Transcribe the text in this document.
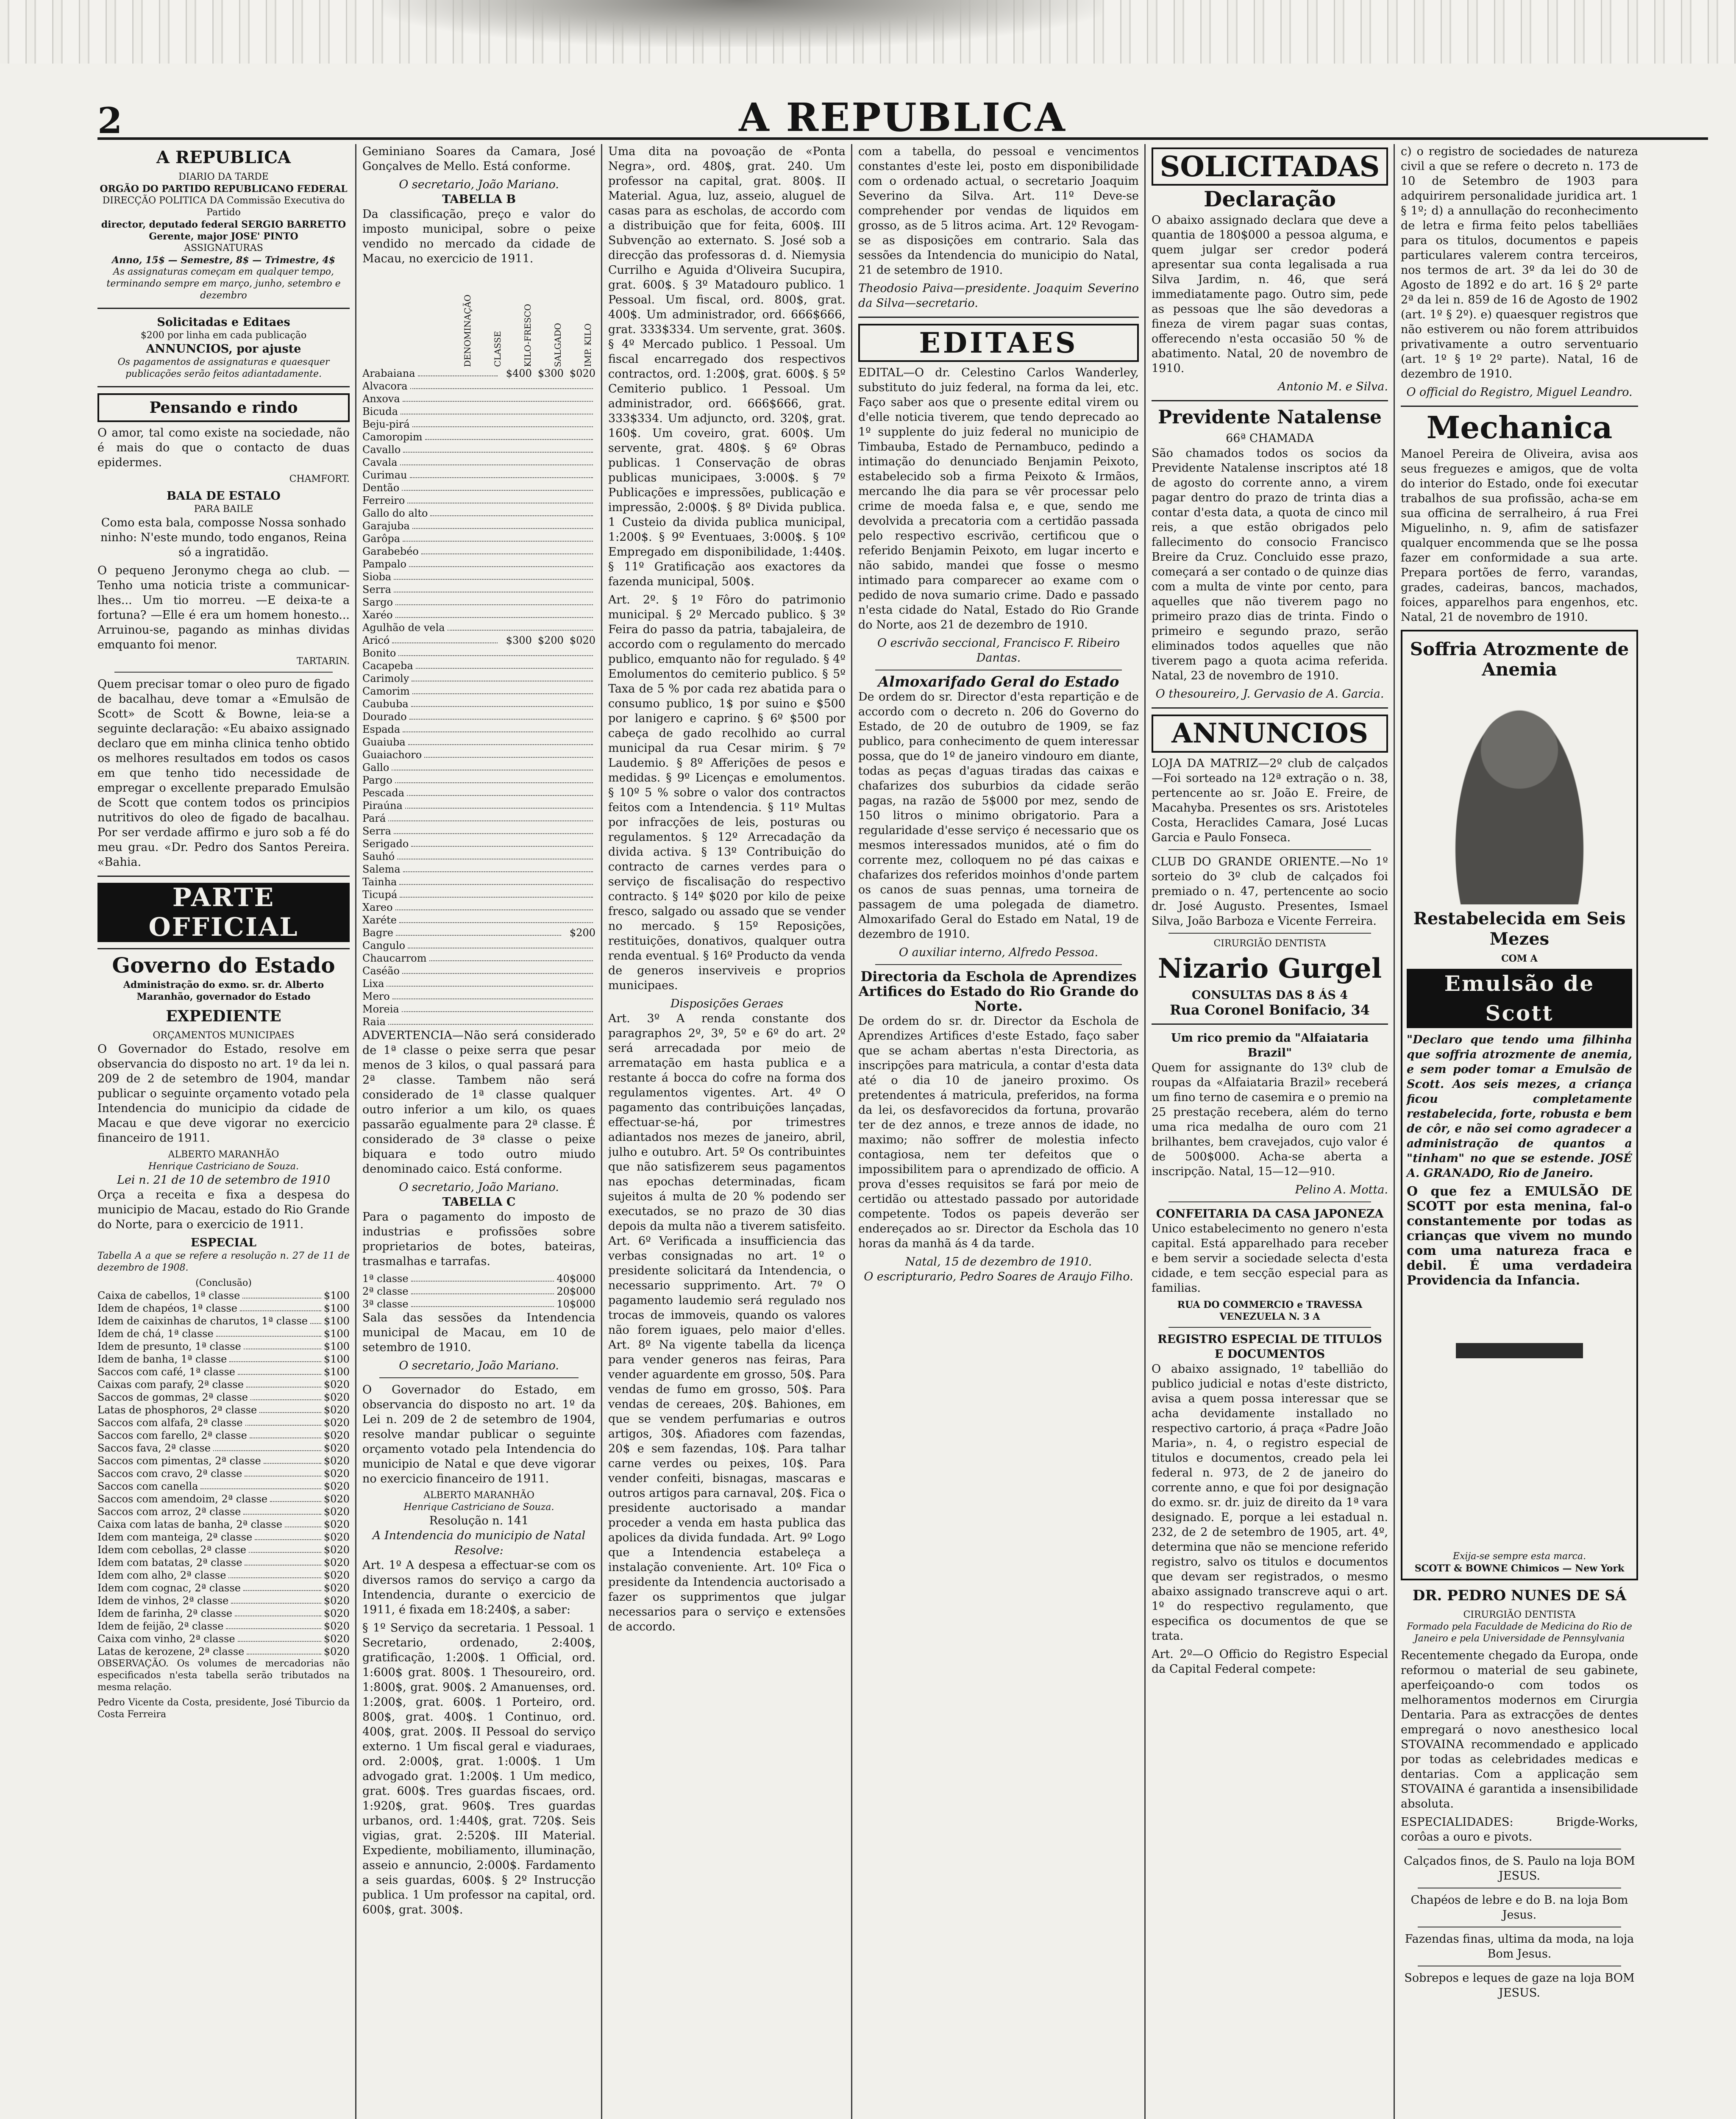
2	A REPUBLICA
A REPUBLICA
DIARIO DA TARDE
ORGÃO DO PARTIDO REPUBLICANO FEDERAL
DIRECÇÃO POLITICA DA Commissão Executiva do Partido
director, deputado federal SERGIO BARRETTO
Gerente, major JOSE' PINTO
ASSIGNATURAS
Anno, 15$ — Semestre, 8$ — Trimestre, 4$
As assignaturas começam em qualquer tempo, terminando sempre em março, junho, setembro e dezembro
Solicitadas e Editaes
$200 por linha em cada publicação
ANNUNCIOS, por ajuste
Os pagamentos de assignaturas e quaesquer publicações serão feitos adiantadamente.
Pensando e rindo

O amor, tal como existe na sociedade, não é mais do que o contacto de duas epidermes.

CHAMFORT.

BALA DE ESTALO
PARA BAILE

Como esta bala, composse Nossa sonhado ninho: N'este mundo, todo enganos, Reina só a ingratidão.

O pequeno Jeronymo chega ao club. —Tenho uma noticia triste a communicar-lhes... Um tio morreu. —E deixa-te a fortuna? —Elle é era um homem honesto... Arruinou-se, pagando as minhas dividas emquanto foi menor.

TARTARIN.

Quem precisar tomar o oleo puro de figado de bacalhau, deve tomar a «Emulsão de Scott» de Scott & Bowne, leia-se a seguinte declaração: «Eu abaixo assignado declaro que em minha clinica tenho obtido os melhores resultados em todos os casos em que tenho tido necessidade de empregar o excellente preparado Emulsão de Scott que contem todos os principios nutritivos do oleo de figado de bacalhau. Por ser verdade affirmo e juro sob a fé do meu grau. «Dr. Pedro dos Santos Pereira. «Bahia.

PARTE OFFICIAL
Governo do Estado
Administração do exmo. sr. dr. Alberto Maranhão, governador do Estado
EXPEDIENTE
ORÇAMENTOS MUNICIPAES

O Governador do Estado, resolve em observancia do disposto no art. 1º da lei n. 209 de 2 de setembro de 1904, mandar publicar o seguinte orçamento votado pela Intendencia do municipio da cidade de Macau e que deve vigorar no exercicio financeiro de 1911.

ALBERTO MARANHÃO
Henrique Castriciano de Souza.
Lei n. 21 de 10 de setembro de 1910

Orça a receita e fixa a despesa do municipio de Macau, estado do Rio Grande do Norte, para o exercicio de 1911.

ESPECIAL

Tabella A a que se refere a resolução n. 27 de 11 de dezembro de 1908.

(Conclusão)
Caixa de cabellos, 1ª classe	$100
Idem de chapéos, 1ª classe	$100
Idem de caixinhas de charutos, 1ª classe $100
Idem de chá, 1ª classe	$100
Idem de presunto, 1ª classe	$100
Idem de banha, 1ª classe	$100
Saccos com café, 1ª classe	$100
Caixas com parafy, 2ª classe	$020
Saccos de gommas, 2ª classe	$020
Latas de phosphoros, 2ª classe	$020
Saccos com alfafa, 2ª classe	$020
Saccos com farello, 2ª classe	$020
Saccos fava, 2ª classe	$020
Saccos com pimentas, 2ª classe	$020
Saccos com cravo, 2ª classe	$020
Saccos com canella	$020
Saccos com amendoim, 2ª classe	$020
Saccos com arroz, 2ª classe	$020
Caixa com latas de banha, 2ª classe	$020
Idem com manteiga, 2ª classe	$020
Idem com cebollas, 2ª classe	$020
Idem com batatas, 2ª classe	$020
Idem com alho, 2ª classe	$020
Idem com cognac, 2ª classe	$020
Idem de vinhos, 2ª classe	$020
Idem de farinha, 2ª classe	$020
Idem de feijão, 2ª classe	$020
Caixa com vinho, 2ª classe	$020
Latas de kerozene, 2ª classe	$020

OBSERVAÇÃO. Os volumes de mercadorias não especificados n'esta tabella serão tributados na mesma relação.

Pedro Vicente da Costa, presidente, José Tiburcio da Costa Ferreira

Geminiano Soares da Camara, José Gonçalves de Mello. Está conforme.

O secretario, João Mariano.
TABELLA B

Da classificação, preço e valor do imposto municipal, sobre o peixe vendido no mercado da cidade de Macau, no exercicio de 1911.

DENOMINAÇÃO	CLASSE	KILO-FRESCO	SALGADO	IMP. KILO
Arabaiana	$400 $300 $020
Alvacora
Anxova
Bicuda
Beju-pirá
Camoropim
Cavallo
Cavala
Curimau
Dentão
Ferreiro
Gallo do alto
Garajuba
Garôpa
Garabebéo
Pampalo
Sioba
Serra
Sargo
Xaréo
Agulhão de vela
Aricó	$300 $200 $020
Bonito
Cacapeba
Carimoly
Camorim
Caububa
Dourado
Espada
Guaiuba
Guaiachoro
Gallo
Pargo
Pescada
Piraúna
Pará
Serra
Serigado
Sauhó
Salema
Tainha
Ticupá
Xareo
Xaréte
Bagre	$200
Cangulo
Chaucarrom
Caséão
Lixa
Mero
Moreia
Raia

ADVERTENCIA—Não será considerado de 1ª classe o peixe serra que pesar menos de 3 kilos, o qual passará para 2ª classe. Tambem não será considerado de 1ª classe qualquer outro inferior a um kilo, os quaes passarão egualmente para 2ª classe. É considerado de 3ª classe o peixe biquara e todo outro miudo denominado caico. Está conforme.

O secretario, João Mariano.
TABELLA C

Para o pagamento do imposto de industrias e profissões sobre proprietarios de botes, bateiras, trasmalhas e tarrafas.

1ª classe	40$000
2ª classe	20$000
3ª classe	10$000

Sala das sessões da Intendencia municipal de Macau, em 10 de setembro de 1910.

O secretario, João Mariano.

O Governador do Estado, em observancia do disposto no art. 1º da Lei n. 209 de 2 de setembro de 1904, resolve mandar publicar o seguinte orçamento votado pela Intendencia do municipio de Natal e que deve vigorar no exercicio financeiro de 1911.

ALBERTO MARANHÃO
Henrique Castriciano de Souza.
Resolução n. 141
A Intendencia do municipio de Natal Resolve:

Art. 1º A despesa a effectuar-se com os diversos ramos do serviço a cargo da Intendencia, durante o exercicio de 1911, é fixada em 18:240$, a saber:

§ 1º Serviço da secretaria. 1 Pessoal. 1 Secretario, ordenado, 2:400$, gratificação, 1:200$. 1 Official, ord. 1:600$ grat. 800$. 1 Thesoureiro, ord. 1:800$, grat. 900$. 2 Amanuenses, ord. 1:200$, grat. 600$. 1 Porteiro, ord. 800$, grat. 400$. 1 Continuo, ord. 400$, grat. 200$. II Pessoal do serviço externo. 1 Um fiscal geral e viaduraes, ord. 2:000$, grat. 1:000$. 1 Um advogado grat. 1:200$. 1 Um medico, grat. 600$. Tres guardas fiscaes, ord. 1:920$, grat. 960$. Tres guardas urbanos, ord. 1:440$, grat. 720$. Seis vigias, grat. 2:520$. III Material. Expediente, mobiliamento, illuminação, asseio e annuncio, 2:000$. Fardamento a seis guardas, 600$. § 2º Instrucção publica. 1 Um professor na capital, ord. 600$, grat. 300$.

Uma dita na povoação de «Ponta Negra», ord. 480$, grat. 240. Um professor na capital, grat. 800$. II Material. Agua, luz, asseio, aluguel de casas para as escholas, de accordo com a distribuição que for feita, 600$. III Subvenção ao externato. S. José sob a direcção das professoras d. d. Niemysia Currilho e Aguida d'Oliveira Sucupira, grat. 600$. § 3º Matadouro publico. 1 Pessoal. Um fiscal, ord. 800$, grat. 400$. Um administrador, ord. 666$666, grat. 333$334. Um servente, grat. 360$. § 4º Mercado publico. 1 Pessoal. Um fiscal encarregado dos respectivos contractos, ord. 1:200$, grat. 600$. § 5º Cemiterio publico. 1 Pessoal. Um administrador, ord. 666$666, grat. 333$334. Um adjuncto, ord. 320$, grat. 160$. Um coveiro, grat. 600$. Um servente, grat. 480$. § 6º Obras publicas. 1 Conservação de obras publicas municipaes, 3:000$. § 7º Publicações e impressões, publicação e impressão, 2:000$. § 8º Divida publica. 1 Custeio da divida publica municipal, 1:200$. § 9º Eventuaes, 3:000$. § 10º Empregado em disponibilidade, 1:440$. § 11º Gratificação aos exactores da fazenda municipal, 500$.

Art. 2º. § 1º Fôro do patrimonio municipal. § 2º Mercado publico. § 3º Feira do passo da patria, tabajaleira, de accordo com o regulamento do mercado publico, emquanto não for regulado. § 4º Emolumentos do cemiterio publico. § 5º Taxa de 5 % por cada rez abatida para o consumo publico, 1$ por suino e $500 por lanigero e caprino. § 6º $500 por cabeça de gado recolhido ao curral municipal da rua Cesar mirim. § 7º Laudemio. § 8º Afferições de pesos e medidas. § 9º Licenças e emolumentos. § 10º 5 % sobre o valor dos contractos feitos com a Intendencia. § 11º Multas por infracções de leis, posturas ou regulamentos. § 12º Arrecadação da divida activa. § 13º Contribuição do contracto de carnes verdes para o serviço de fiscalisação do respectivo contracto. § 14º $020 por kilo de peixe fresco, salgado ou assado que se vender no mercado. § 15º Reposições, restituições, donativos, qualquer outra renda eventual. § 16º Producto da venda de generos inserviveis e proprios municipaes.

Disposições Geraes

Art. 3º A renda constante dos paragraphos 2º, 3º, 5º e 6º do art. 2º será arrecadada por meio de arrematação em hasta publica e a restante á bocca do cofre na forma dos regulamentos vigentes. Art. 4º O pagamento das contribuições lançadas, effectuar-se-há, por trimestres adiantados nos mezes de janeiro, abril, julho e outubro. Art. 5º Os contribuintes que não satisfizerem seus pagamentos nas epochas determinadas, ficam sujeitos á multa de 20 % podendo ser executados, se no prazo de 30 dias depois da multa não a tiverem satisfeito. Art. 6º Verificada a insufficiencia das verbas consignadas no art. 1º o presidente solicitará da Intendencia, o necessario supprimento. Art. 7º O pagamento laudemio será regulado nos trocas de immoveis, quando os valores não forem iguaes, pelo maior d'elles. Art. 8º Na vigente tabella da licença para vender generos nas feiras, Para vender aguardente em grosso, 50$. Para vendas de fumo em grosso, 50$. Para vendas de cereaes, 20$. Bahiones, em que se vendem perfumarias e outros artigos, 30$. Afiadores com fazendas, 20$ e sem fazendas, 10$. Para talhar carne verdes ou peixes, 10$. Para vender confeiti, bisnagas, mascaras e outros artigos para carnaval, 20$. Fica o presidente auctorisado a mandar proceder a venda em hasta publica das apolices da divida fundada. Art. 9º Logo que a Intendencia estabeleça a instalação conveniente. Art. 10º Fica o presidente da Intendencia auctorisado a fazer os supprimentos que julgar necessarios para o serviço e extensões de accordo.

com a tabella, do pessoal e vencimentos constantes d'este lei, posto em disponibilidade com o ordenado actual, o secretario Joaquim Severino da Silva. Art. 11º Deve-se comprehender por vendas de liquidos em grosso, as de 5 litros acima. Art. 12º Revogam-se as disposições em contrario. Sala das sessões da Intendencia do municipio do Natal, 21 de setembro de 1910.

Theodosio Paiva—presidente. Joaquim Severino da Silva—secretario.

EDITAES

EDITAL—O dr. Celestino Carlos Wanderley, substituto do juiz federal, na forma da lei, etc. Faço saber aos que o presente edital virem ou d'elle noticia tiverem, que tendo deprecado ao 1º supplente do juiz federal no municipio de Timbauba, Estado de Pernambuco, pedindo a intimação do denunciado Benjamin Peixoto, estabelecido sob a firma Peixoto & Irmãos, mercando lhe dia para se vêr processar pelo crime de moeda falsa e, e que, sendo me devolvida a precatoria com a certidão passada pelo respectivo escrivão, certificou que o referido Benjamin Peixoto, em lugar incerto e não sabido, mandei que fosse o mesmo intimado para comparecer ao exame com o pedido de nova sumario crime. Dado e passado n'esta cidade do Natal, Estado do Rio Grande do Norte, aos 21 de dezembro de 1910.

O escrivão seccional, Francisco F. Ribeiro Dantas.
Almoxarifado Geral do Estado

De ordem do sr. Director d'esta repartição e de accordo com o decreto n. 206 do Governo do Estado, de 20 de outubro de 1909, se faz publico, para conhecimento de quem interessar possa, que do 1º de janeiro vindouro em diante, todas as peças d'aguas tiradas das caixas e chafarizes dos suburbios da cidade serão pagas, na razão de 5$000 por mez, sendo de 150 litros o minimo obrigatorio. Para a regularidade d'esse serviço é necessario que os mesmos interessados munidos, até o fim do corrente mez, colloquem no pé das caixas e chafarizes dos referidos moinhos d'onde partem os canos de suas pennas, uma torneira de passagem de uma polegada de diametro. Almoxarifado Geral do Estado em Natal, 19 de dezembro de 1910.

O auxiliar interno, Alfredo Pessoa.
Directoria da Eschola de Aprendizes Artifices do Estado do Rio Grande do Norte.

De ordem do sr. dr. Director da Eschola de Aprendizes Artifices d'este Estado, faço saber que se acham abertas n'esta Directoria, as inscripções para matricula, a contar d'esta data até o dia 10 de janeiro proximo. Os pretendentes á matricula, preferidos, na forma da lei, os desfavorecidos da fortuna, provarão ter de dez annos, e treze annos de idade, no maximo; não soffrer de molestia infecto contagiosa, nem ter defeitos que o impossibilitem para o aprendizado de officio. A prova d'esses requisitos se fará por meio de certidão ou attestado passado por autoridade competente. Todos os papeis deverão ser endereçados ao sr. Director da Eschola das 10 horas da manhã ás 4 da tarde.

Natal, 15 de dezembro de 1910.
O escripturario, Pedro Soares de Araujo Filho.
SOLICITADAS
Declaração

O abaixo assignado declara que deve a quantia de 180$000 a pessoa alguma, e quem julgar ser credor poderá apresentar sua conta legalisada a rua Silva Jardim, n. 46, que será immediatamente pago. Outro sim, pede as pessoas que lhe são devedoras a fineza de virem pagar suas contas, offerecendo n'esta occasião 50 % de abatimento. Natal, 20 de novembro de 1910.

Antonio M. e Silva.
Previdente Natalense
66ª CHAMADA

São chamados todos os socios da Previdente Natalense inscriptos até 18 de agosto do corrente anno, a virem pagar dentro do prazo de trinta dias a contar d'esta data, a quota de cinco mil reis, a que estão obrigados pelo fallecimento do consocio Francisco Breire da Cruz. Concluido esse prazo, começará a ser contado o de quinze dias com a multa de vinte por cento, para aquelles que não tiverem pago no primeiro prazo dias de trinta. Findo o primeiro e segundo prazo, serão eliminados todos aquelles que não tiverem pago a quota acima referida. Natal, 23 de novembro de 1910.

O thesoureiro, J. Gervasio de A. Garcia.
ANNUNCIOS

LOJA DA MATRIZ—2º club de calçados—Foi sorteado na 12ª extração o n. 38, pertencente ao sr. João E. Freire, de Macahyba. Presentes os srs. Aristoteles Costa, Heraclides Camara, José Lucas Garcia e Paulo Fonseca.

CLUB DO GRANDE ORIENTE.—No 1º sorteio do 3º club de calçados foi premiado o n. 47, pertencente ao socio dr. José Augusto. Presentes, Ismael Silva, João Barboza e Vicente Ferreira.

CIRURGIÃO DENTISTA
Nizario Gurgel
CONSULTAS DAS 8 ÁS 4
Rua Coronel Bonifacio, 34
Um rico premio da "Alfaiataria Brazil"

Quem for assignante do 13º club de roupas da «Alfaiataria Brazil» receberá um fino terno de casemira e o premio na 25 prestação recebera, além do terno uma rica medalha de ouro com 21 brilhantes, bem cravejados, cujo valor é de 500$000. Acha-se aberta a inscripção. Natal, 15—12—910.

Pelino A. Motta.
CONFEITARIA DA CASA JAPONEZA

Unico estabelecimento no genero n'esta capital. Está apparelhado para receber e bem servir a sociedade selecta d'esta cidade, e tem secção especial para as familias.

RUA DO COMMERCIO e TRAVESSA VENEZUELA N. 3 A
REGISTRO ESPECIAL DE TITULOS E DOCUMENTOS

O abaixo assignado, 1º tabellião do publico judicial e notas d'este districto, avisa a quem possa interessar que se acha devidamente installado no respectivo cartorio, á praça «Padre João Maria», n. 4, o registro especial de titulos e documentos, creado pela lei federal n. 973, de 2 de janeiro do corrente anno, e que foi por designação do exmo. sr. dr. juiz de direito da 1ª vara designado. E, porque a lei estadual n. 232, de 2 de setembro de 1905, art. 4º, determina que não se mencione referido registro, salvo os titulos e documentos que devam ser registrados, o mesmo abaixo assignado transcreve aqui o art. 1º do respectivo regulamento, que especifica os documentos de que se trata.

Art. 2º—O Officio do Registro Especial da Capital Federal compete:

c) o registro de sociedades de natureza civil a que se refere o decreto n. 173 de 10 de Setembro de 1903 para adquirirem personalidade juridica art. 1 § 1º; d) a annullação do reconhecimento de letra e firma feito pelos tabelliães para os titulos, documentos e papeis particulares valerem contra terceiros, nos termos de art. 3º da lei do 30 de Agosto de 1892 e do art. 16 § 2º parte 2ª da lei n. 859 de 16 de Agosto de 1902 (art. 1º § 2º). e) quaesquer registros que não estiverem ou não forem attribuidos privativamente a outro serventuario (art. 1º § 1º 2º parte). Natal, 16 de dezembro de 1910.

O official do Registro, Miguel Leandro.
Mechanica

Manoel Pereira de Oliveira, avisa aos seus freguezes e amigos, que de volta do interior do Estado, onde foi executar trabalhos de sua profissão, acha-se em sua officina de serralheiro, á rua Frei Miguelinho, n. 9, afim de satisfazer qualquer encommenda que se lhe possa fazer em conformidade a sua arte. Prepara portões de ferro, varandas, grades, cadeiras, bancos, machados, foices, apparelhos para engenhos, etc. Natal, 21 de novembro de 1910.

Soffria Atrozmente de Anemia
Restabelecida em Seis Mezes
COM A
Emulsão de Scott

"Declaro que tendo uma filhinha que soffria atrozmente de anemia, e sem poder tomar a Emulsão de Scott. Aos seis mezes, a criança ficou completamente restabelecida, forte, robusta e bem de côr, e não sei como agradecer a administração de quantos a "tinham" no que se estende. JOSÉ A. GRANADO, Rio de Janeiro.

O que fez a EMULSÃO DE SCOTT por esta menina, fal-o constantemente por todas as crianças que vivem no mundo com uma natureza fraca e debil. É uma verdadeira Providencia da Infancia.

Exija-se sempre esta marca.
SCOTT & BOWNE Chimicos — New York
DR. PEDRO NUNES DE SÁ
CIRURGIÃO DENTISTA

Formado pela Faculdade de Medicina do Rio de Janeiro e pela Universidade de Pennsylvania

Recentemente chegado da Europa, onde reformou o material de seu gabinete, aperfeiçoando-o com todos os melhoramentos modernos em Cirurgia Dentaria. Para as extracções de dentes empregará o novo anesthesico local STOVAINA recommendado e applicado por todas as celebridades medicas e dentarias. Com a applicação sem STOVAINA é garantida a insensibilidade absoluta.

ESPECIALIDADES: Brigde-Works, corôas a ouro e pivots.

Calçados finos, de S. Paulo na loja BOM JESUS.

Chapéos de lebre e do B. na loja Bom Jesus.

Fazendas finas, ultima da moda, na loja Bom Jesus.

Sobrepos e leques de gaze na loja BOM JESUS.
